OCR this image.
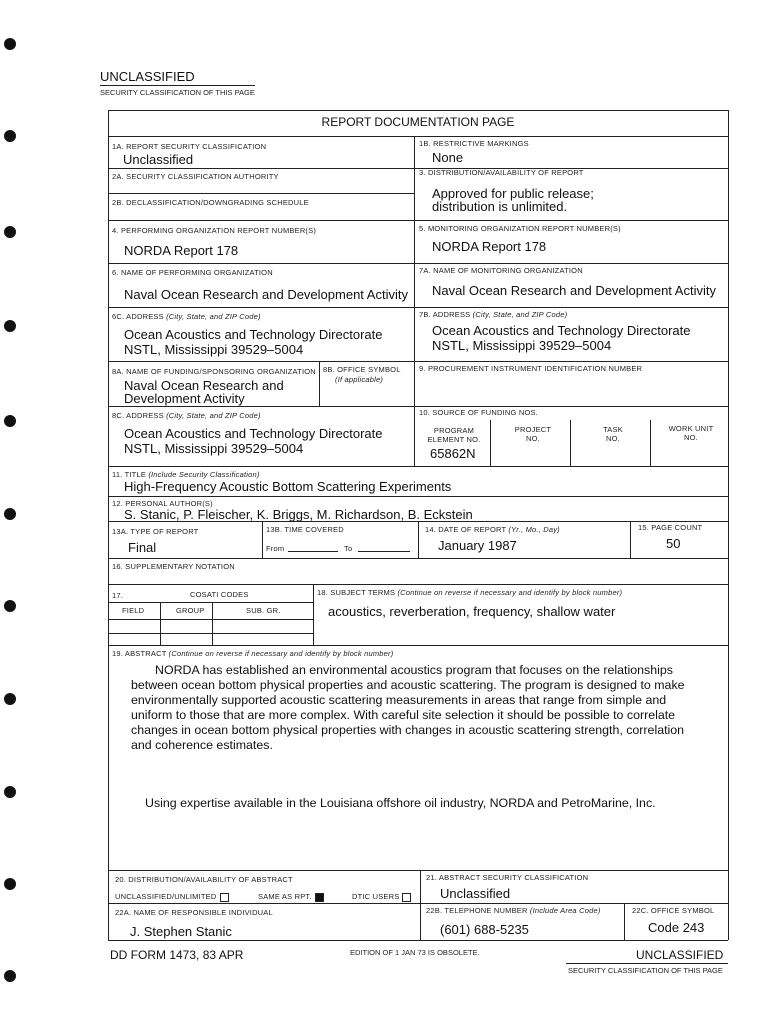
UNCLASSIFIED
SECURITY CLASSIFICATION OF THIS PAGE
REPORT DOCUMENTATION PAGE
1A. REPORT SECURITY CLASSIFICATION
Unclassified
1B. RESTRICTIVE MARKINGS
None
2A. SECURITY CLASSIFICATION AUTHORITY
2B. DECLASSIFICATION/DOWNGRADING SCHEDULE
3. DISTRIBUTION/AVAILABILITY OF REPORT
Approved for public release;
distribution is unlimited.
4. PERFORMING ORGANIZATION REPORT NUMBER(S)
NORDA Report 178
5. MONITORING ORGANIZATION REPORT NUMBER(S)
NORDA Report 178
6. NAME OF PERFORMING ORGANIZATION
Naval Ocean Research and Development Activity
7A. NAME OF MONITORING ORGANIZATION
Naval Ocean Research and Development Activity
6C. ADDRESS (City, State, and ZIP Code)
Ocean Acoustics and Technology Directorate
NSTL, Mississippi 39529–5004
7B. ADDRESS (City, State, and ZIP Code)
Ocean Acoustics and Technology Directorate
NSTL, Mississippi 39529–5004
8A. NAME OF FUNDING/SPONSORING ORGANIZATION
Naval Ocean Research and
Development Activity
8B. OFFICE SYMBOL
(If applicable)
9. PROCUREMENT INSTRUMENT IDENTIFICATION NUMBER
8C. ADDRESS (City, State, and ZIP Code)
Ocean Acoustics and Technology Directorate
NSTL, Mississippi 39529–5004
10. SOURCE OF FUNDING NOS.
PROGRAM
ELEMENT NO.
65862N
PROJECT
NO.
TASK
NO.
WORK UNIT
NO.
11. TITLE (Include Security Classification)
High-Frequency Acoustic Bottom Scattering Experiments
12. PERSONAL AUTHOR(S)
S. Stanic, P. Fleischer, K. Briggs, M. Richardson, B. Eckstein
13A. TYPE OF REPORT
Final
13B. TIME COVERED
From	To
14. DATE OF REPORT (Yr., Mo., Day)
January 1987
15. PAGE COUNT
50
16. SUPPLEMENTARY NOTATION
17.	COSATI CODES
FIELD	GROUP	SUB. GR.
18. SUBJECT TERMS (Continue on reverse if necessary and identify by block number)
acoustics, reverberation, frequency, shallow water
19. ABSTRACT (Continue on reverse if necessary and identify by block number)
NORDA has established an environmental acoustics program that focuses on the relationships
between ocean bottom physical properties and acoustic scattering. The program is designed to make
environmentally supported acoustic scattering measurements in areas that range from simple and
uniform to those that are more complex. With careful site selection it should be possible to correlate
changes in ocean bottom physical properties with changes in acoustic scattering strength, correlation
and coherence estimates.
Using expertise available in the Louisiana offshore oil industry, NORDA and PetroMarine, Inc.
20. DISTRIBUTION/AVAILABILITY OF ABSTRACT
UNCLASSIFIED/UNLIMITED	SAME AS RPT.	DTIC USERS
21. ABSTRACT SECURITY CLASSIFICATION
Unclassified
22A. NAME OF RESPONSIBLE INDIVIDUAL
J. Stephen Stanic
22B. TELEPHONE NUMBER (Include Area Code)
(601) 688-5235
22C. OFFICE SYMBOL
Code 243
DD FORM 1473, 83 APR	EDITION OF 1 JAN 73 IS OBSOLETE.	UNCLASSIFIED
SECURITY CLASSIFICATION OF THIS PAGE
